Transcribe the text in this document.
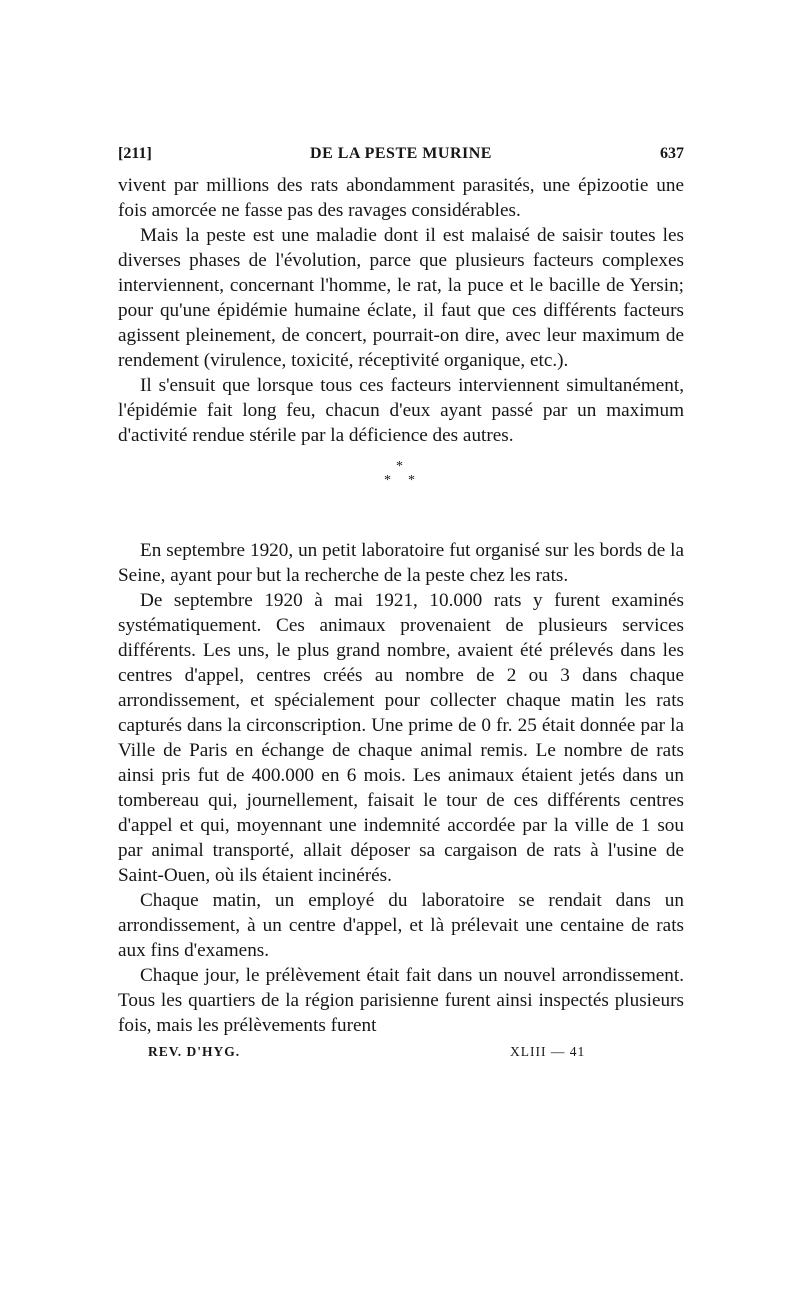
[211]	DE LA PESTE MURINE	637

vivent par millions des rats abondamment parasités, une épizootie une fois amorcée ne fasse pas des ravages considérables.

Mais la peste est une maladie dont il est malaisé de saisir toutes les diverses phases de l'évolution, parce que plusieurs facteurs complexes interviennent, concernant l'homme, le rat, la puce et le bacille de Yersin; pour qu'une épidémie humaine éclate, il faut que ces différents facteurs agissent pleinement, de concert, pourrait-on dire, avec leur maximum de rendement (virulence, toxicité, réceptivité organique, etc.).

Il s'ensuit que lorsque tous ces facteurs interviennent simultanément, l'épidémie fait long feu, chacun d'eux ayant passé par un maximum d'activité rendue stérile par la déficience des autres.

*
* *

En septembre 1920, un petit laboratoire fut organisé sur les bords de la Seine, ayant pour but la recherche de la peste chez les rats.

De septembre 1920 à mai 1921, 10.000 rats y furent examinés systématiquement. Ces animaux provenaient de plusieurs services différents. Les uns, le plus grand nombre, avaient été prélevés dans les centres d'appel, centres créés au nombre de 2 ou 3 dans chaque arrondissement, et spécialement pour collecter chaque matin les rats capturés dans la circonscription. Une prime de 0 fr. 25 était donnée par la Ville de Paris en échange de chaque animal remis. Le nombre de rats ainsi pris fut de 400.000 en 6 mois. Les animaux étaient jetés dans un tombereau qui, journellement, faisait le tour de ces différents centres d'appel et qui, moyennant une indemnité accordée par la ville de 1 sou par animal transporté, allait déposer sa cargaison de rats à l'usine de Saint-Ouen, où ils étaient incinérés.

Chaque matin, un employé du laboratoire se rendait dans un arrondissement, à un centre d'appel, et là prélevait une centaine de rats aux fins d'examens.

Chaque jour, le prélèvement était fait dans un nouvel arrondissement. Tous les quartiers de la région parisienne furent ainsi inspectés plusieurs fois, mais les prélèvements furent

REV. D'HYG.	XLIII — 41
